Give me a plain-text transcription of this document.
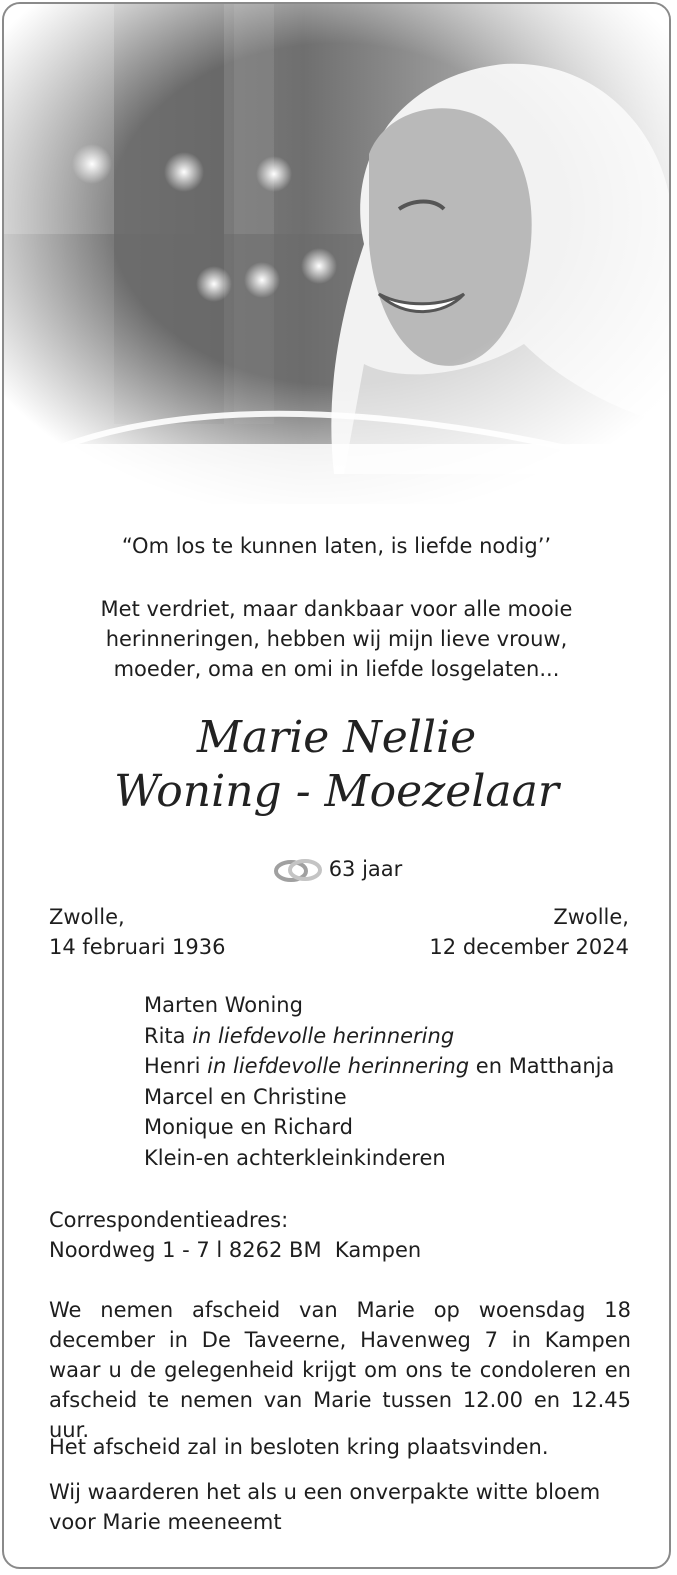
“Om los te kunnen laten, is liefde nodig’’
Met verdriet, maar dankbaar voor alle mooie
herinneringen, hebben wij mijn lieve vrouw,
moeder, oma en omi in liefde losgelaten...
Marie Nellie
Woning - Moezelaar
63 jaar
Zwolle,
14 februari 1936
Zwolle,
12 december 2024
Marten Woning
Rita in liefdevolle herinnering
Henri in liefdevolle herinnering en Matthanja
Marcel en Christine
Monique en Richard
Klein-en achterkleinkinderen
Correspondentieadres:
Noordweg 1 - 7 l 8262 BM  Kampen
We nemen afscheid van Marie op woensdag 18 december in De Taveerne, Havenweg 7 in Kampen waar u de gelegenheid krijgt om ons te condoleren en afscheid te nemen van Marie tussen 12.00 en 12.45 uur.
Het afscheid zal in besloten kring plaatsvinden.
Wij waarderen het als u een onverpakte witte bloem voor Marie meeneemt
